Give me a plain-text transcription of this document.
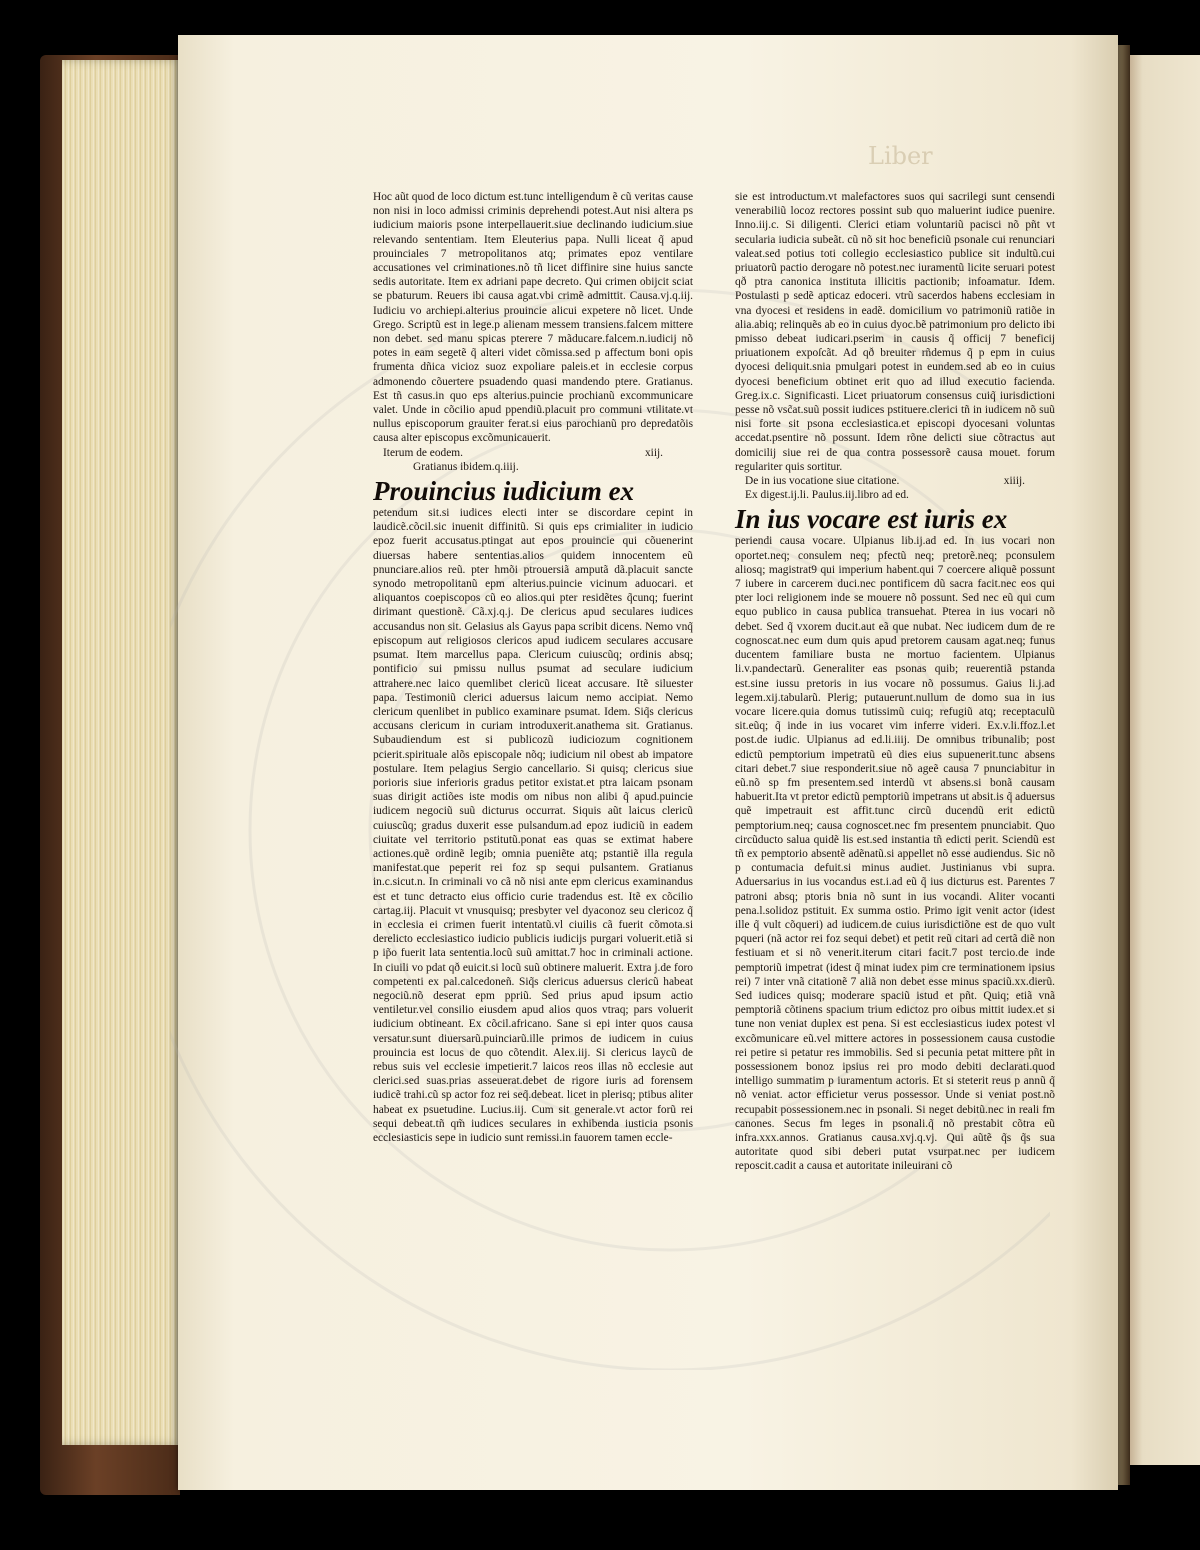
Liber

Hoc aũt quod de loco dictum est.tunc intelligendum ẽ cũ veritas cause non nisi in loco admissi criminis deprehendi potest.Aut nisi altera ps iudicium maioris psone interpellauerit.siue declinando iudicium.siue relevando sententiam. Item Eleuterius papa. Nulli liceat q̃ apud prouinciales 7 metropolitanos atq; primates epoz ventilare accusationes vel criminationes.nõ tñ licet diffinire sine huius sancte sedis autoritate. Item ex adriani pape decreto. Qui crimen obijcit sciat se pbaturum. Reuers ibi causa agat.vbi crimẽ admittit. Causa.vj.q.iij. Iudiciu vo archiepi.alterius prouincie alicui expetere nõ licet. Unde Grego. Scriptũ est in lege.p alienam messem transiens.falcem mittere non debet. sed manu spicas pterere 7 mãducare.falcem.n.iudicij nõ potes in eam segetẽ q̃ alteri videt cõmissa.sed p affectum boni opis frumenta dñica vicioz suoz expoliare paleis.et in ecclesie corpus admonendo cõuertere psuadendo quasi mandendo ptere. Gratianus. Est tñ casus.in quo eps alterius.puincie prochianũ excommunicare valet. Unde in cõcilio apud ppendiũ.placuit pro communi vtilitate.vt nullus episcoporum grauiter ferat.si eius parochianũ pro depredatõis causa alter episcopus excõmunicauerit.

Iterum de eodem.	xiij.
Gratianus ibidem.q.iiij.
Prouincius iudicium ex

petendum sit.si iudices electi inter se discordare cepint in laudicẽ.cõcil.sic inuenit diffinitũ. Si quis eps crimialiter in iudicio epoz fuerit accusatus.ptingat aut epos prouincie qui cõuenerint diuersas habere sententias.alios quidem innocentem eũ pnunciare.alios reũ. pter hmõi ptrouersiã amputã dã.placuit sancte synodo metropolitanũ epm alterius.puincie vicinum aduocari. et aliquantos coepiscopos cũ eo alios.qui pter residẽtes q̃cunq; fuerint dirimant questionẽ. Cã.xj.q.j. De clericus apud seculares iudices accusandus non sit. Gelasius als Gayus papa scribit dicens. Nemo vnq̃ episcopum aut religiosos clericos apud iudicem seculares accusare psumat. Item marcellus papa. Clericum cuiuscũq; ordinis absq; pontificio sui pmissu nullus psumat ad seculare iudicium attrahere.nec laico quemlibet clericũ liceat accusare. Itẽ siluester papa. Testimoniũ clerici aduersus laicum nemo accipiat. Nemo clericum quenlibet in publico examinare psumat. Idem. Siq̃s clericus accusans clericum in curiam introduxerit.anathema sit. Gratianus. Subaudiendum est si publicozũ iudiciozum cognitionem pcierit.spirituale alõs episcopale nõq; iudicium nil obest ab impatore postulare. Item pelagius Sergio cancellario. Si quisq; clericus siue porioris siue inferioris gradus petitor existat.et ptra laicam psonam suas dirigit actiões iste modis om nibus non alibi q̃ apud.puincie iudicem negociũ suũ dicturus occurrat. Siquis aũt laicus clericũ cuiuscũq; gradus duxerit esse pulsandum.ad epoz iudiciũ in eadem ciuitate vel territorio pstitutũ.ponat eas quas se extimat habere actiones.quẽ ordinẽ legib; omnia pueniẽte atq; pstantiẽ illa regula manifestat.que peperit rei foz sp sequi pulsantem. Gratianus in.c.sicut.n. In criminali vo cã nõ nisi ante epm clericus examinandus est et tunc detracto eius officio curie tradendus est. Itẽ ex cõcilio cartag.iij. Placuit vt vnusquisq; presbyter vel dyaconoz seu clericoz q̃ in ecclesia ei crimen fuerit intentatũ.vl ciuilis cã fuerit cõmota.si derelicto ecclesiastico iudicio publicis iudicijs purgari voluerit.etiã si p ip̃o fuerit lata sententia.locũ suũ amittat.7 hoc in criminali actione. In ciuili vo pdat qð euicit.si locũ suũ obtinere maluerit. Extra j.de foro competenti ex pal.calcedoneñ. Siq̃s clericus aduersus clericũ habeat negociũ.nõ deserat epm ppriũ. Sed prius apud ipsum actio ventiletur.vel consilio eiusdem apud alios quos vtraq; pars voluerit iudicium obtineant. Ex cõcil.africano. Sane si epi inter quos causa versatur.sunt diuersarũ.puinciarũ.ille primos de iudicem in cuius prouincia est locus de quo cõtendit. Alex.iij. Si clericus laycũ de rebus suis vel ecclesie impetierit.7 laicos reos illas nõ ecclesie aut clerici.sed suas.prias asseuerat.debet de rigore iuris ad forensem iudicẽ trahi.cũ sp actor foz rei seq̃.debeat. licet in plerisq; ptibus aliter habeat ex psuetudine. Lucius.iij. Cum sit generale.vt actor forũ rei sequi debeat.tñ qm̃ iudices seculares in exhibenda iusticia psonis ecclesiasticis sepe in iudicio sunt remissi.in fauorem tamen eccle-

sie est introductum.vt malefactores suos qui sacrilegi sunt censendi venerabiliũ locoz rectores possint sub quo maluerint iudice puenire. Inno.iij.c. Si diligenti. Clerici etiam voluntariũ pacisci nõ pñt vt secularia iudicia subeãt. cũ nõ sit hoc beneficiũ psonale cui renunciari valeat.sed potius toti collegio ecclesiastico publice sit indultũ.cui priuatorũ pactio derogare nõ potest.nec iuramentũ licite seruari potest qð ptra canonica instituta illicitis pactionib; infoamatur. Idem. Postulasti p sedẽ apticaz edoceri. vtrũ sacerdos habens ecclesiam in vna dyocesi et residens in eadẽ. domicilium vo patrimoniũ ratiõe in alia.abiq; relinquẽs ab eo in cuius dyoc.bẽ patrimonium pro delicto ibi pmisso debeat iudicari.pserim in causis q̃ officij 7 beneficij priuationem expoſcãt. Ad qð breuiter rñdemus q̃ p epm in cuius dyocesi deliquit.snia pmulgari potest in eundem.sed ab eo in cuius dyocesi beneficium obtinet erit quo ad illud executio facienda. Greg.ix.c. Significasti. Licet priuatorum consensus cuiq̃ iurisdictioni pesse nõ vsc̃at.suũ possit iudices pstituere.clerici tñ in iudicem nõ suũ nisi forte sit psona ecclesiastica.et episcopi dyocesani voluntas accedat.psentire nõ possunt. Idem rõne delicti siue cõtractus aut domicilij siue rei de qua contra possessorẽ causa mouet. forum regulariter quis sortitur.

De in ius vocatione siue citatione.	xiiij.
Ex digest.ij.li. Paulus.iij.libro ad ed.
In ius vocare est iuris ex

periendi causa vocare. Ulpianus lib.ij.ad ed. In ius vocari non oportet.neq; consulem neq; pfectũ neq; pretorẽ.neq; pconsulem aliosq; magistrat9 qui imperium habent.qui 7 coercere aliquẽ possunt 7 iubere in carcerem duci.nec pontificem dũ sacra facit.nec eos qui pter loci religionem inde se mouere nõ possunt. Sed nec eũ qui cum equo publico in causa publica transuehat. Pterea in ius vocari nõ debet. Sed q̃ vxorem ducit.aut eã que nubat. Nec iudicem dum de re cognoscat.nec eum dum quis apud pretorem causam agat.neq; funus ducentem familiare busta ne mortuo facientem. Ulpianus li.v.pandectarũ. Generaliter eas psonas quib; reuerentiã pstanda est.sine iussu pretoris in ius vocare nõ possumus. Gaius li.j.ad legem.xij.tabularũ. Plerig; putauerunt.nullum de domo sua in ius vocare licere.quia domus tutissimũ cuiq; refugiũ atq; receptaculũ sit.eũq; q̃ inde in ius vocaret vim inferre videri. Ex.v.li.ffoz.l.et post.de iudic. Ulpianus ad ed.li.iiij. De omnibus tribunalib; post edictũ pemptorium impetratũ eũ dies eius supuenerit.tunc absens citari debet.7 siue responderit.siue nõ ageẽ causa 7 pnunciabitur in eũ.nõ sp fm presentem.sed interdũ vt absens.si bonã causam habuerit.Ita vt pretor edictũ pemptoriũ impetrans ut absit.is q̃ aduersus quẽ impetrauit est affit.tunc circũ ducendũ erit edictũ pemptorium.neq; causa cognoscet.nec fm presentem pnunciabit. Quo circũducto salua quidẽ lis est.sed instantia tñ edicti perit. Sciendũ est tñ ex pemptorio absentẽ adẽnatũ.si appellet nõ esse audiendus. Sic nõ p contumacia defuit.si minus audiet. Justinianus vbi supra. Aduersarius in ius vocandus est.i.ad eũ q̃ ius dicturus est. Parentes 7 patroni absq; ptoris bnia nõ sunt in ius vocandi. Aliter vocanti pena.l.solidoz pstituit. Ex summa ostio. Primo igit venit actor (idest ille q̃ vult cõqueri) ad iudicem.de cuius iurisdictiõne est de quo vult pqueri (nã actor rei foz sequi debet) et petit reũ citari ad certã diẽ non festiuam et si nõ venerit.iterum citari facit.7 post tercio.de inde pemptoriũ impetrat (idest q̃ minat iudex pim cre terminationem ipsius rei) 7 inter vnã citationẽ 7 aliã non debet esse minus spaciũ.xx.dierũ. Sed iudices quisq; moderare spaciũ istud et pñt. Quiq; etiã vnã pemptoriã cõtinens spacium trium edictoz pro oibus mittit iudex.et si tune non veniat duplex est pena. Si est ecclesiasticus iudex potest vl excõmunicare eũ.vel mittere actores in possessionem causa custodie rei petire si petatur res immobilis. Sed si pecunia petat mittere pñt in possessionem bonoz ipsius rei pro modo debiti declarati.quod intelligo summatim p iuramentum actoris. Et si steterit reus p annũ q̃ nõ veniat. actor efficietur verus possessor. Unde si veniat post.nõ recupabit possessionem.nec in psonali. Si neget debitũ.nec in reali fm canones. Secus fm leges in psonali.q̃ nõ prestabit cõtra eũ infra.xxx.annos. Gratianus causa.xvj.q.vj. Qui aũtẽ q̃s q̃s sua autoritate quod sibi deberi putat vsurpat.nec per iudicem reposcit.cadit a causa et autoritate inileuirani cõ
